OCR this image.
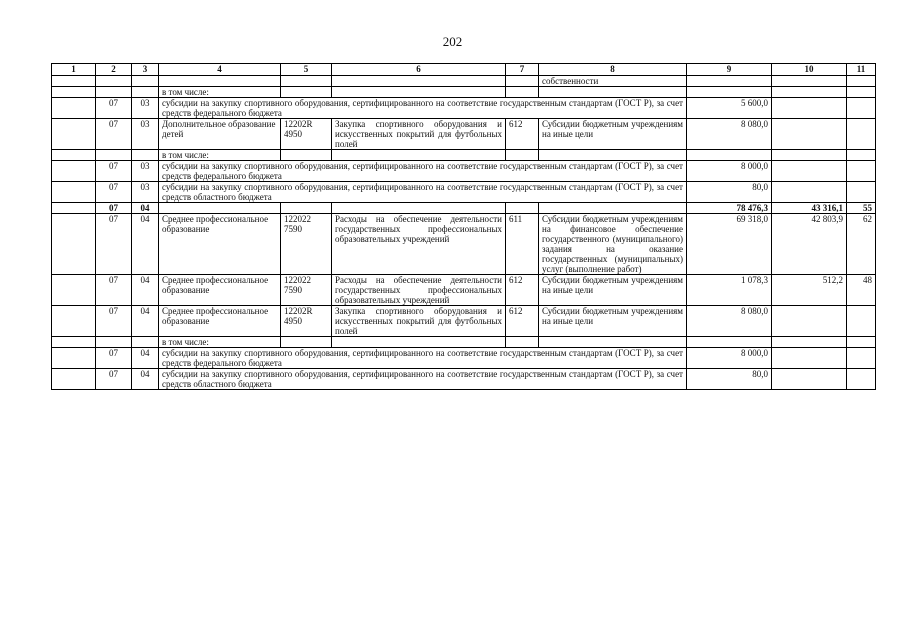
202
1	2	3	4	5	6	7	8	9	10	11
							собственности			
			в том числе:							
	07	03	субсидии на закупку спортивного оборудования, сертифицированного на соответствие государственным стандартам (ГОСТ Р), за счет средств федерального бюджета					5 600,0		
	07	03	Дополнительное образование детей	12202R 4950	Закупка спортивного оборудования и искусственных покрытий для футбольных полей	612	Субсидии бюджетным учреждениям на иные цели	8 080,0		
			в том числе:							
	07	03	субсидии на закупку спортивного оборудования, сертифицированного на соответствие государственным стандартам (ГОСТ Р), за счет средств федерального бюджета					8 000,0		
	07	03	субсидии на закупку спортивного оборудования, сертифицированного на соответствие государственным стандартам (ГОСТ Р), за счет средств областного бюджета					80,0		
	07	04						78 476,3	43 316,1	55
	07	04	Среднее профессиональное образование	122022 7590	Расходы на обеспечение деятельности государственных профессиональных образовательных учреждений	611	Субсидии бюджетным учреждениям на финансовое обеспечение государственного (муниципального) задания на оказание государственных (муниципальных) услуг (выполнение работ)	69 318,0	42 803,9	62
	07	04	Среднее профессиональное образование	122022 7590	Расходы на обеспечение деятельности государственных профессиональных образовательных учреждений	612	Субсидии бюджетным учреждениям на иные цели	1 078,3	512,2	48
	07	04	Среднее профессиональное образование	12202R 4950	Закупка спортивного оборудования и искусственных покрытий для футбольных полей	612	Субсидии бюджетным учреждениям на иные цели	8 080,0		
			в том числе:							
	07	04	субсидии на закупку спортивного оборудования, сертифицированного на соответствие государственным стандартам (ГОСТ Р), за счет средств федерального бюджета					8 000,0		
	07	04	субсидии на закупку спортивного оборудования, сертифицированного на соответствие государственным стандартам (ГОСТ Р), за счет средств областного бюджета					80,0		
